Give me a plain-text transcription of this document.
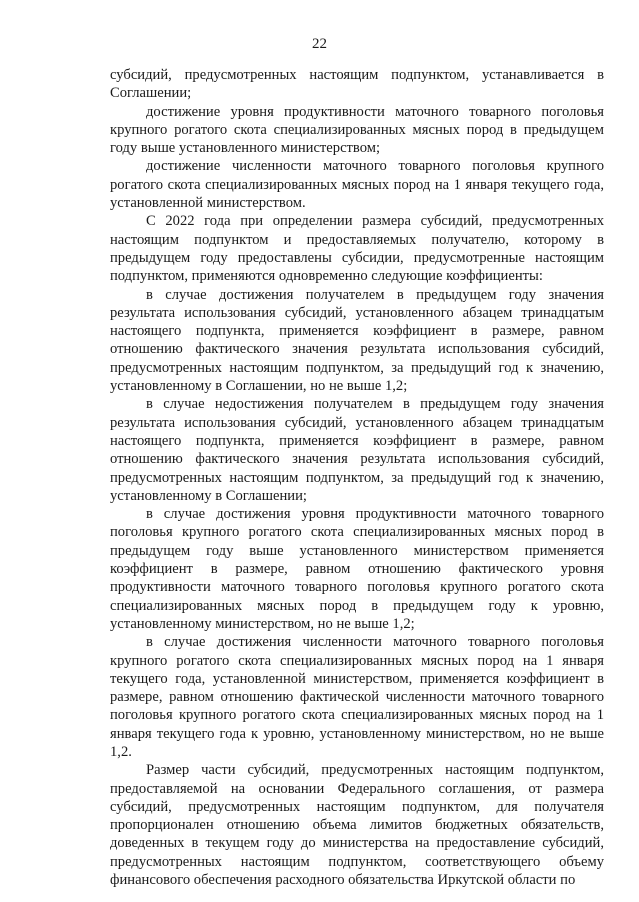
22

субсидий, предусмотренных настоящим подпунктом, устанавливается в Соглашении;

достижение уровня продуктивности маточного товарного поголовья крупного рогатого скота специализированных мясных пород в предыдущем году выше установленного министерством;

достижение численности маточного товарного поголовья крупного рогатого скота специализированных мясных пород на 1 января текущего года, установленной министерством.

С 2022 года при определении размера субсидий, предусмотренных настоящим подпунктом и предоставляемых получателю, которому в предыдущем году предоставлены субсидии, предусмотренные настоящим подпунктом, применяются одновременно следующие коэффициенты:

в случае достижения получателем в предыдущем году значения результата использования субсидий, установленного абзацем тринадцатым настоящего подпункта, применяется коэффициент в размере, равном отношению фактического значения результата использования субсидий, предусмотренных настоящим подпунктом, за предыдущий год к значению, установленному в Соглашении, но не выше 1,2;

в случае недостижения получателем в предыдущем году значения результата использования субсидий, установленного абзацем тринадцатым настоящего подпункта, применяется коэффициент в размере, равном отношению фактического значения результата использования субсидий, предусмотренных настоящим подпунктом, за предыдущий год к значению, установленному в Соглашении;

в случае достижения уровня продуктивности маточного товарного поголовья крупного рогатого скота специализированных мясных пород в предыдущем году выше установленного министерством применяется коэффициент в размере, равном отношению фактического уровня продуктивности маточного товарного поголовья крупного рогатого скота специализированных мясных пород в предыдущем году к уровню, установленному министерством, но не выше 1,2;

в случае достижения численности маточного товарного поголовья крупного рогатого скота специализированных мясных пород на 1 января текущего года, установленной министерством, применяется коэффициент в размере, равном отношению фактической численности маточного товарного поголовья крупного рогатого скота специализированных мясных пород на 1 января текущего года к уровню, установленному министерством, но не выше 1,2.

Размер части субсидий, предусмотренных настоящим подпунктом, предоставляемой на основании Федерального соглашения, от размера субсидий, предусмотренных настоящим подпунктом, для получателя пропорционален отношению объема лимитов бюджетных обязательств, доведенных в текущем году до министерства на предоставление субсидий, предусмотренных настоящим подпунктом, соответствующего объему финансового обеспечения расходного обязательства Иркутской области по
